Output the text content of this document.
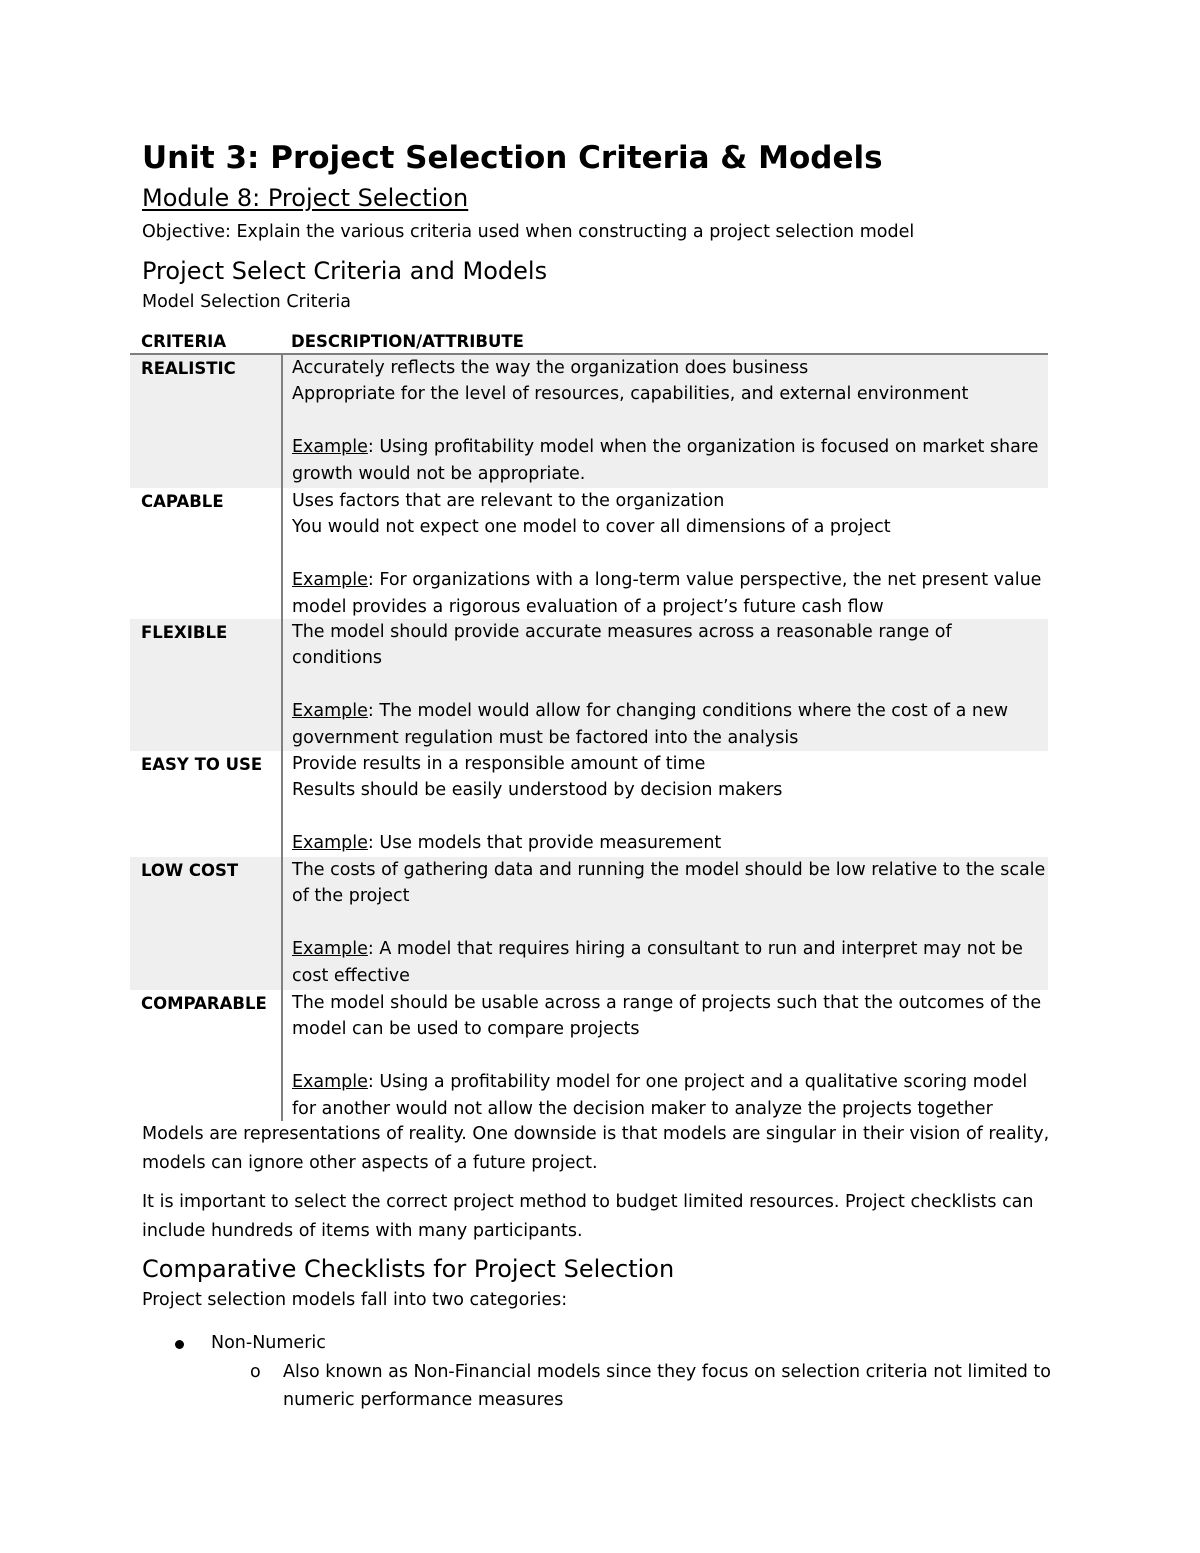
Unit 3: Project Selection Criteria & Models
Module 8: Project Selection
Objective: Explain the various criteria used when constructing a project selection model
Project Select Criteria and Models
Model Selection Criteria
CRITERIA	DESCRIPTION/ATTRIBUTE
REALISTIC	Accurately reflects the way the organization does business
Appropriate for the level of resources, capabilities, and external environment
Example: Using profitability model when the organization is focused on market share
growth would not be appropriate.
CAPABLE	Uses factors that are relevant to the organization
You would not expect one model to cover all dimensions of a project
Example: For organizations with a long-term value perspective, the net present value
model provides a rigorous evaluation of a project’s future cash flow
FLEXIBLE	The model should provide accurate measures across a reasonable range of
conditions
Example: The model would allow for changing conditions where the cost of a new
government regulation must be factored into the analysis
EASY TO USE Provide results in a responsible amount of time
Results should be easily understood by decision makers
Example: Use models that provide measurement
LOW COST	The costs of gathering data and running the model should be low relative to the scale
of the project
Example: A model that requires hiring a consultant to run and interpret may not be
cost effective
COMPARABLE The model should be usable across a range of projects such that the outcomes of the
model can be used to compare projects
Example: Using a profitability model for one project and a qualitative scoring model
for another would not allow the decision maker to analyze the projects together
Models are representations of reality. One downside is that models are singular in their vision of reality,
models can ignore other aspects of a future project.
It is important to select the correct project method to budget limited resources. Project checklists can
include hundreds of items with many participants.
Comparative Checklists for Project Selection
Project selection models fall into two categories:
Non-Numeric
o Also known as Non-Financial models since they focus on selection criteria not limited to
numeric performance measures
